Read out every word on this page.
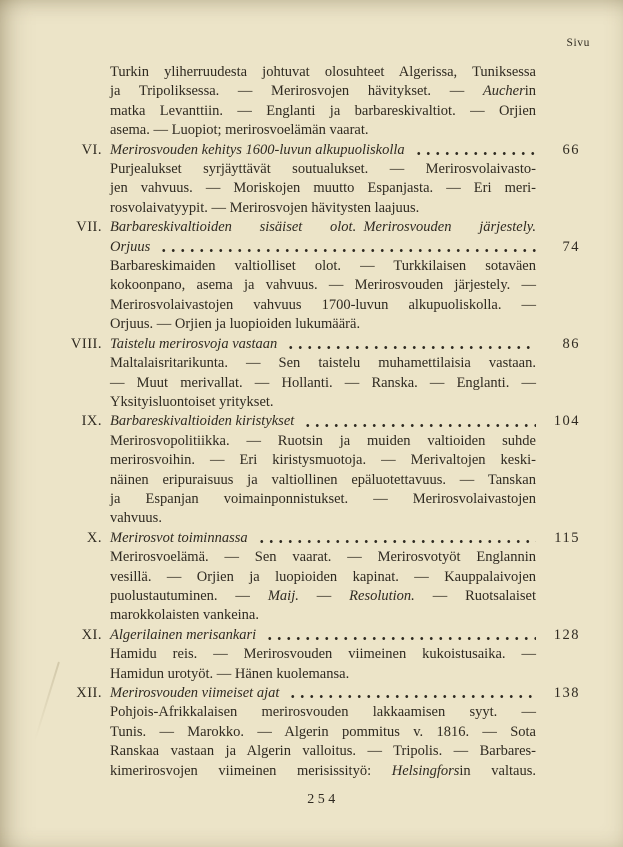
Sivu
Turkin yliherruudesta johtuvat olosuhteet Algerissa, Tuniksessa
ja Tripoliksessa. — Merirosvojen hävitykset. — Aucherin
matka Levanttiin. — Englanti ja barbareskivaltiot. — Orjien
asema. — Luopiot; merirosvoelämän vaarat.
VI. Merirosvouden kehitys 1600-luvun alkupuoliskolla	66
Purjealukset syrjäyttävät soutualukset. — Merirosvolaivasto-
jen vahvuus. — Moriskojen muutto Espanjasta. — Eri meri-
rosvolaivatyypit. — Merirosvojen hävitysten laajuus.
VII. Barbareskivaltioiden sisäiset olot. Merirosvouden järjestely.
Orjuus	74
Barbareskimaiden valtiolliset olot. — Turkkilaisen sotaväen
kokoonpano, asema ja vahvuus. — Merirosvouden järjestely. —
Merirosvolaivastojen vahvuus 1700-luvun alkupuoliskolla. —
Orjuus. — Orjien ja luopioiden lukumäärä.
VIII. Taistelu merirosvoja vastaan	86
Maltalaisritarikunta. — Sen taistelu muhamettilaisia vastaan.
— Muut merivallat. — Hollanti. — Ranska. — Englanti. —
Yksityisluontoiset yritykset.
IX. Barbareskivaltioiden kiristykset	104
Merirosvopolitiikka. — Ruotsin ja muiden valtioiden suhde
merirosvoihin. — Eri kiristysmuotoja. — Merivaltojen keski-
näinen eripuraisuus ja valtiollinen epäluotettavuus. — Tanskan
ja Espanjan voimainponnistukset. — Merirosvolaivastojen
vahvuus.
X. Merirosvot toiminnassa	115
Merirosvoelämä. — Sen vaarat. — Merirosvotyöt Englannin
vesillä. — Orjien ja luopioiden kapinat. — Kauppalaivojen
puolustautuminen. — Maij. — Resolution. — Ruotsalaiset
marokkolaisten vankeina.
XI. Algerilainen merisankari	128
Hamidu reis. — Merirosvouden viimeinen kukoistusaika. —
Hamidun urotyöt. — Hänen kuolemansa.
XII. Merirosvouden viimeiset ajat	138
Pohjois-Afrikkalaisen merirosvouden lakkaamisen syyt. —
Tunis. — Marokko. — Algerin pommitus v. 1816. — Sota
Ranskaa vastaan ja Algerin valloitus. — Tripolis. — Barbares-
kimerirosvojen viimeinen merisissityö: Helsingforsin valtaus.
254
